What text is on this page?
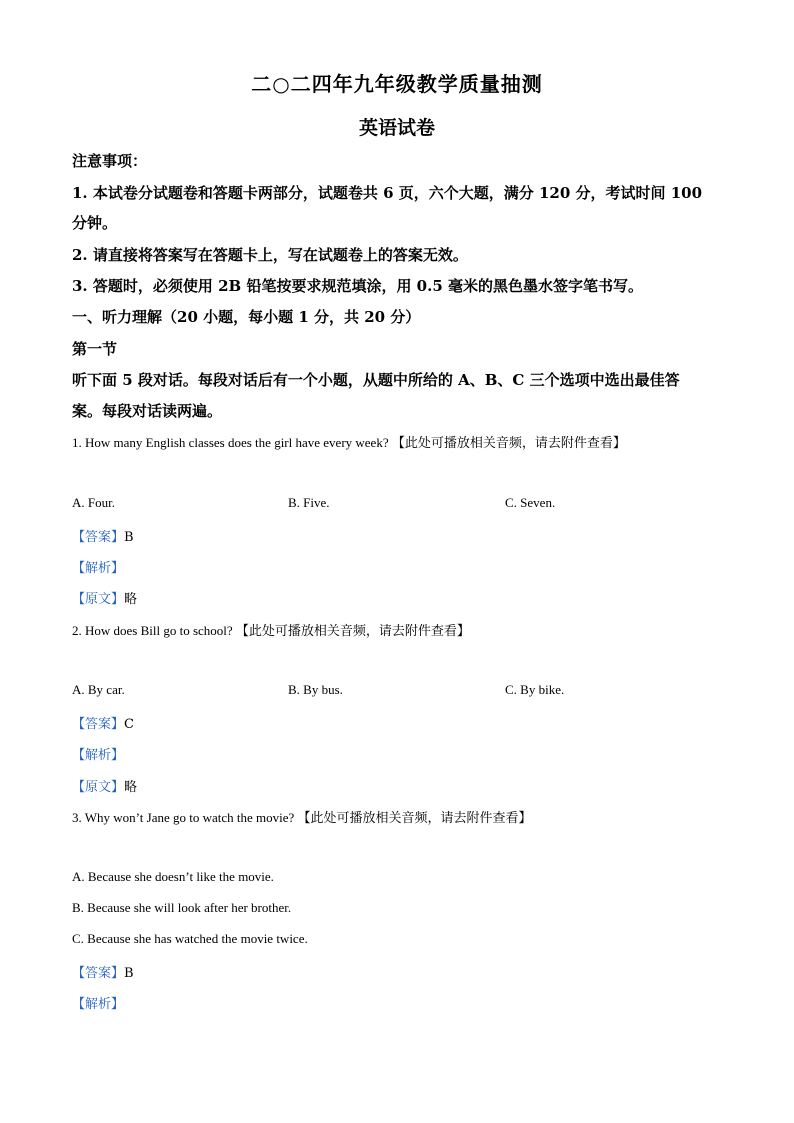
二○二四年九年级教学质量抽测
英语试卷
注意事项：
1. 本试卷分试题卷和答题卡两部分，试题卷共 6 页，六个大题，满分 120 分，考试时间 100
分钟。
2. 请直接将答案写在答题卡上，写在试题卷上的答案无效。
3. 答题时，必须使用 2B 铅笔按要求规范填涂，用 0.5 毫米的黑色墨水签字笔书写。
一、听力理解（20 小题，每小题 1 分，共 20 分）
第一节
听下面 5 段对话。每段对话后有一个小题，从题中所给的 A、B、C 三个选项中选出最佳答
案。每段对话读两遍。
1. How many English classes does the girl have every week? 【此处可播放相关音频，请去附件查看】
A. Four.	B. Five.	C. Seven.
【答案】B
【解析】
【原文】略
2. How does Bill go to school? 【此处可播放相关音频，请去附件查看】
A. By car.	B. By bus.	C. By bike.
【答案】C
【解析】
【原文】略
3. Why won’t Jane go to watch the movie? 【此处可播放相关音频，请去附件查看】
A. Because she doesn’t like the movie.
B. Because she will look after her brother.
C. Because she has watched the movie twice.
【答案】B
【解析】
